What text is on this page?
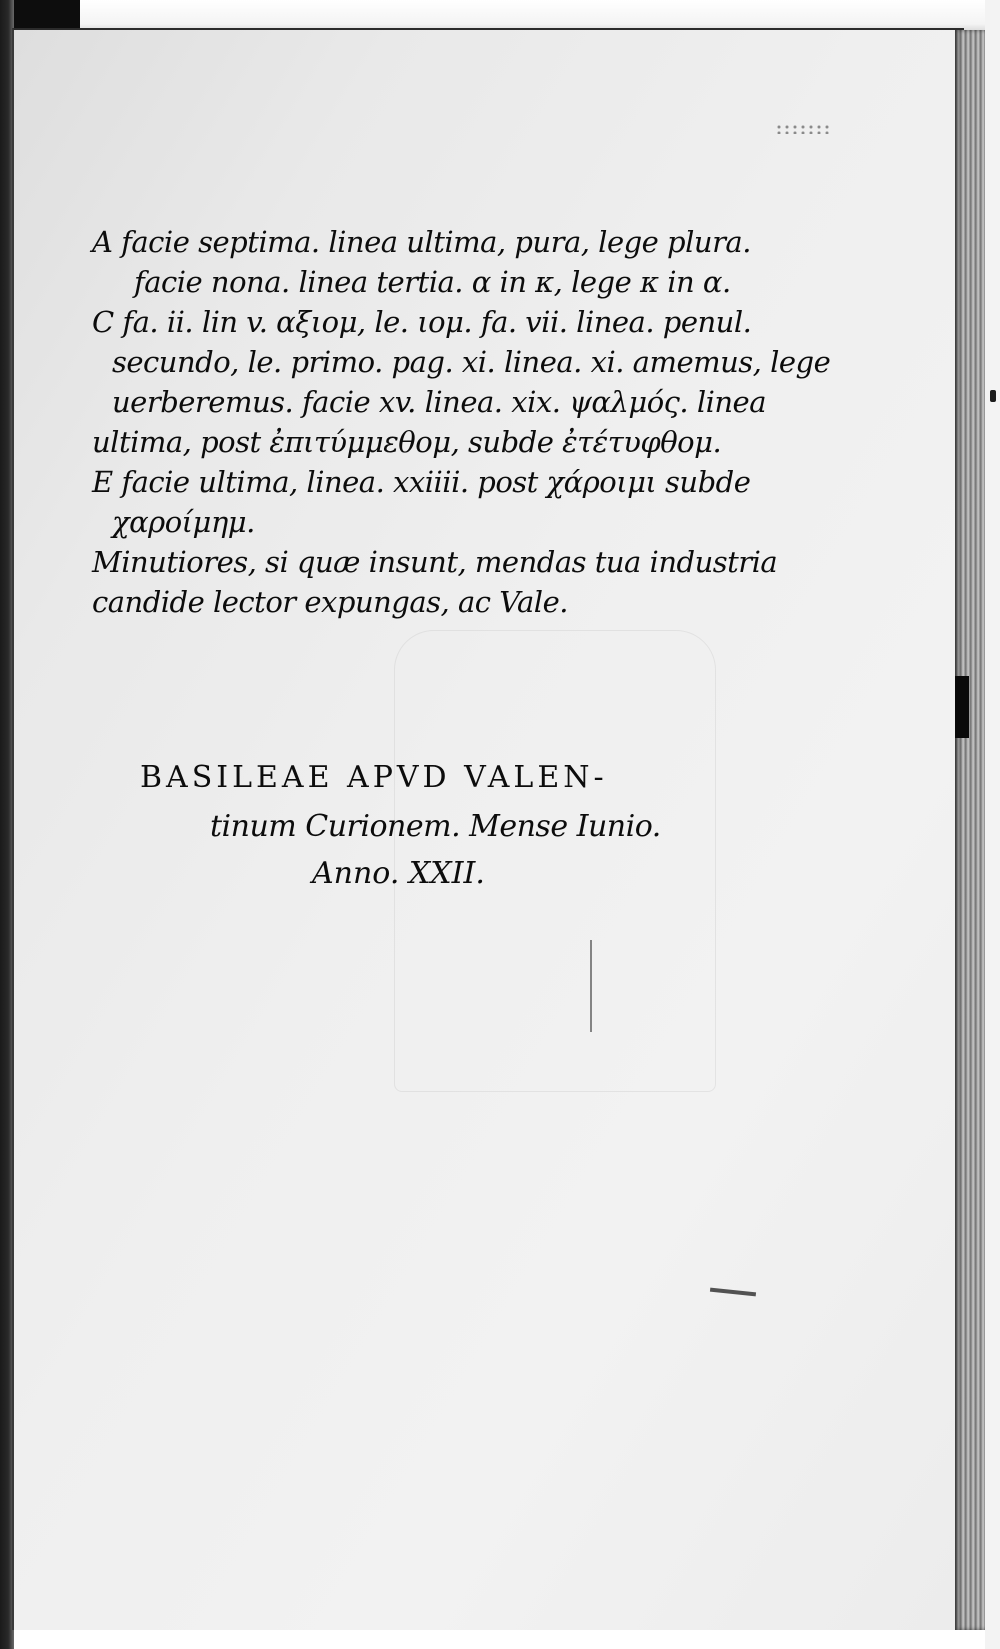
A facie septima. linea ultima, pura, lege plura.
facie nona. linea tertia. α in κ, lege κ in α.
C fa. ii. lin v. αξιομ, le. ιομ. fa. vii. linea. penul.
secundo, le. primo. pag. xi. linea. xi. amemus, lege
uerberemus. facie xv. linea. xix. ψαλμός. linea
ultima, post ἐπιτύμμεθομ, subde ἐτέτυφθομ.
E facie ultima, linea. xxiiii. post χάροιμι subde
χαροίμημ.
Minutiores, si quæ insunt, mendas tua industria
candide lector expungas, ac Vale.
BASILEAE APVD VALEN-
tinum Curionem. Mense Iunio.
Anno. XXII.
